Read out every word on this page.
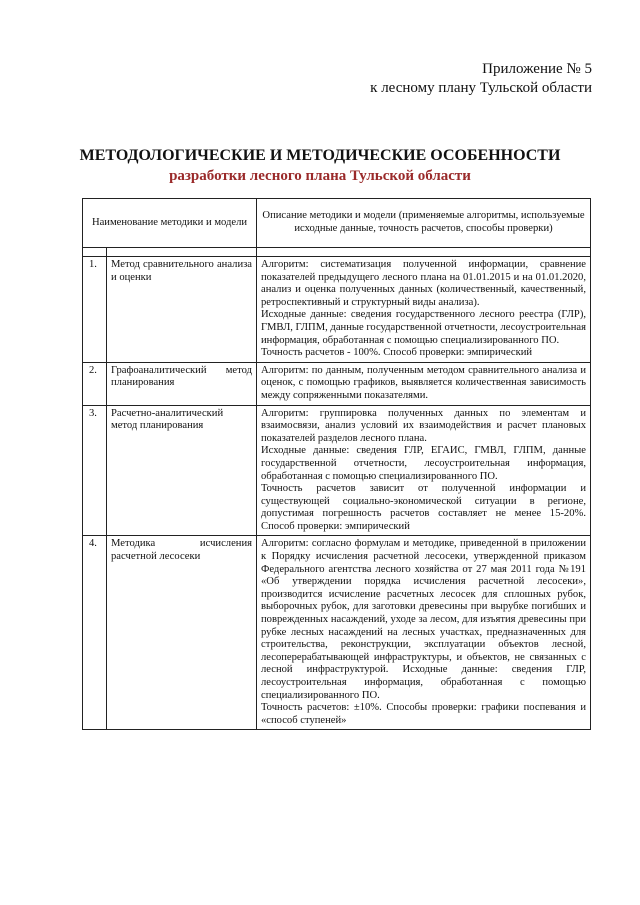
Приложение № 5
к лесному плану Тульской области
МЕТОДОЛОГИЧЕСКИЕ И МЕТОДИЧЕСКИЕ ОСОБЕННОСТИ
разработки лесного плана Тульской области
Наименование методики и модели		Описание методики и модели (применяемые алгоритмы, используемые исходные данные, точность расчетов, способы проверки)

1.	Метод сравнительного анализа и оценки	Алгоритм: систематизация полученной информации, сравнение показателей предыдущего лесного плана на 01.01.2015 и на 01.01.2020, анализ и оценка полученных данных (количественный, качественный, ретроспективный и структурный виды анализа).

Исходные данные: сведения государственного лесного реестра (ГЛР), ГМВЛ, ГЛПМ, данные государственной отчетности, лесоустроительная информация, обработанная с помощью специализированного ПО.

Точность расчетов - 100%. Способ проверки: эмпирический

2.	Графоаналитический метод планирования	Алгоритм: по данным, полученным методом сравнительного анализа и оценок, с помощью графиков, выявляется количественная зависимость между сопряженными показателями.

3.	Расчетно-аналитический метод планирования	Алгоритм: группировка полученных данных по элементам и взаимосвязи, анализ условий их взаимодействия и расчет плановых показателей разделов лесного плана.

Исходные данные: сведения ГЛР, ЕГАИС, ГМВЛ, ГЛПМ, данные государственной отчетности, лесоустроительная информация, обработанная с помощью специализированного ПО.

Точность расчетов зависит от полученной информации и существующей социально-экономической ситуации в регионе, допустимая погрешность расчетов составляет не менее 15-20%. Способ проверки: эмпирический

4.	Методика исчисления расчетной лесосеки	Алгоритм: согласно формулам и методике, приведенной в приложении к Порядку исчисления расчетной лесосеки, утвержденной приказом Федерального агентства лесного хозяйства от 27 мая 2011 года №191 «Об утверждении порядка исчисления расчетной лесосеки», производится исчисление расчетных лесосек для сплошных рубок, выборочных рубок, для заготовки древесины при вырубке погибших и поврежденных насаждений, уходе за лесом, для изъятия древесины при рубке лесных насаждений на лесных участках, предназначенных для строительства, реконструкции, эксплуатации объектов лесной, лесоперерабатывающей инфраструктуры, и объектов, не связанных с лесной инфраструктурой. Исходные данные: сведения ГЛР, лесоустроительная информация, обработанная с помощью специализированного ПО.

Точность расчетов: ±10%. Способы проверки: графики поспевания и «способ ступеней»
